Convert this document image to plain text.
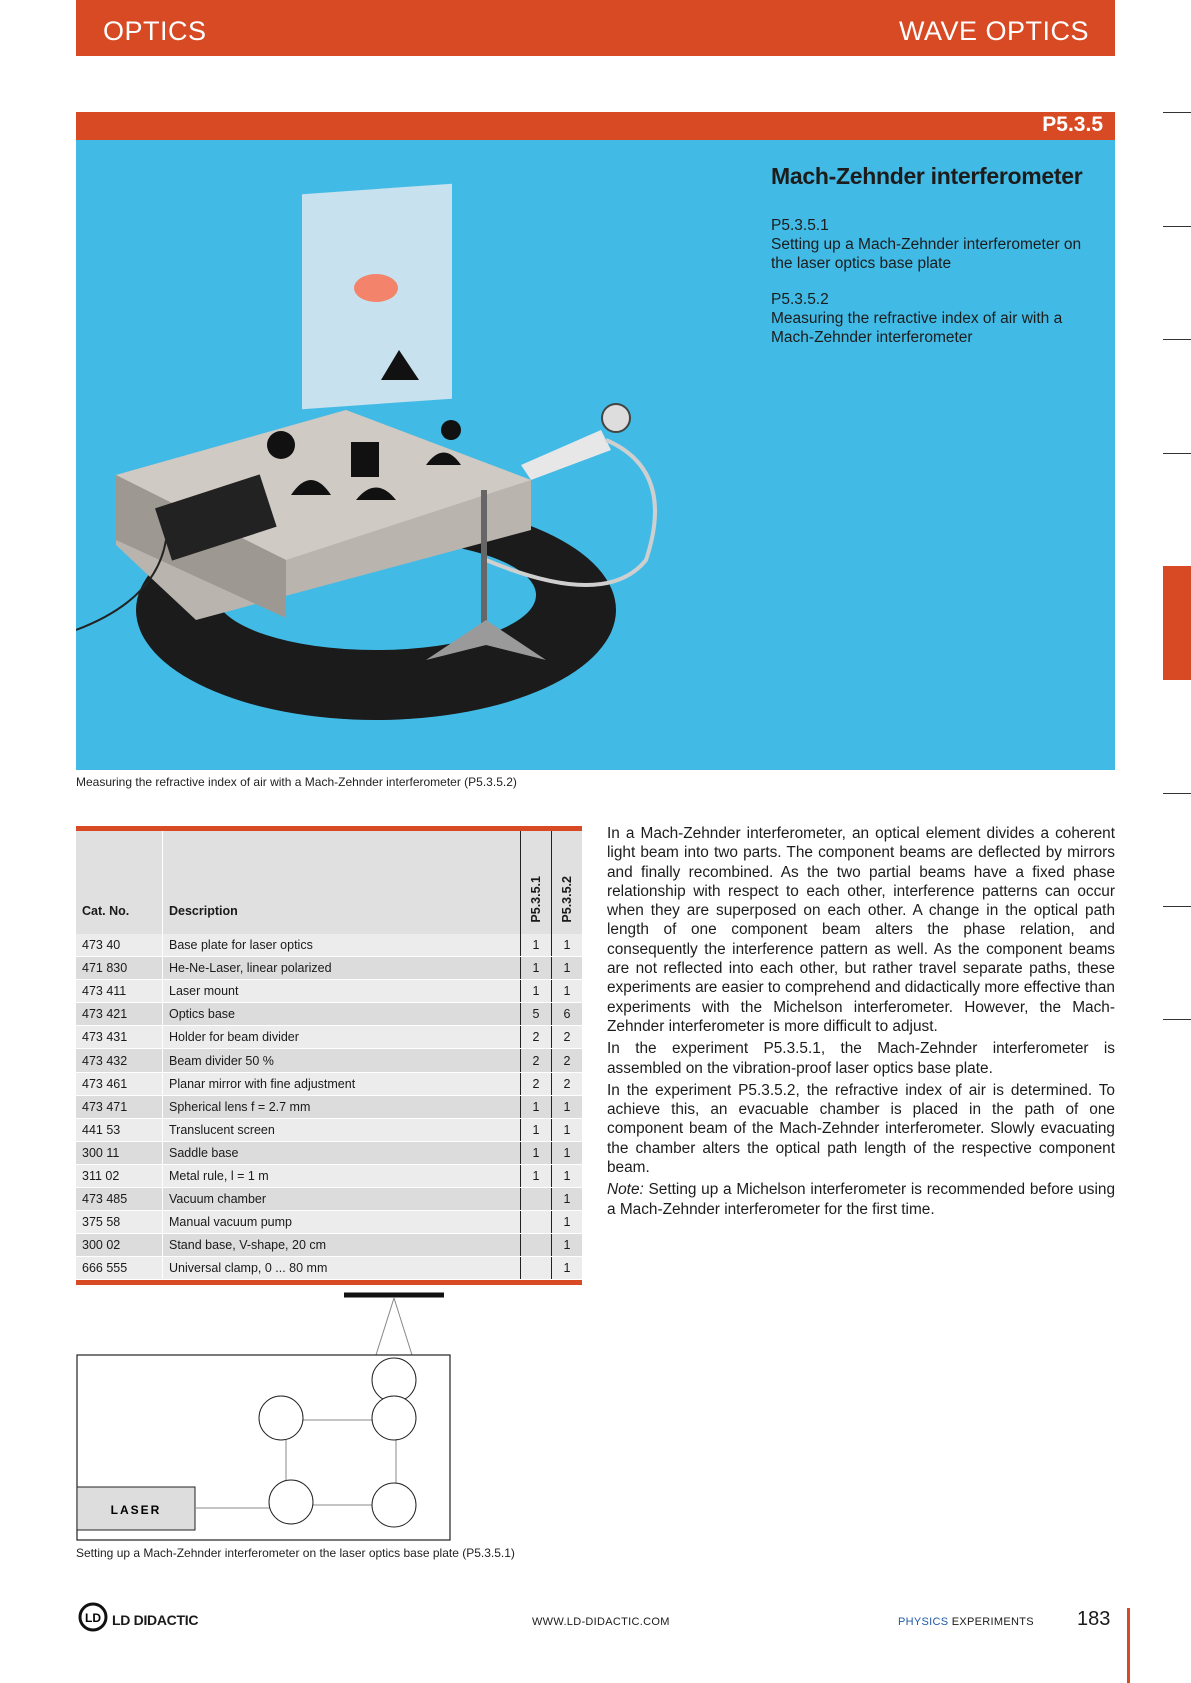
OPTICS	WAVE OPTICS
P5.3.5
Mach-Zehnder interferometer
P5.3.5.1
Setting up a Mach-Zehnder interferometer on the laser optics base plate
P5.3.5.2
Measuring the refractive index of air with a Mach-Zehnder interferometer
Measuring the refractive index of air with a Mach-Zehnder interferometer (P5.3.5.2)
Cat. No.	Description	P5.3.5.1	P5.3.5.2
473 40	Base plate for laser optics	1	1
471 830	He-Ne-Laser, linear polarized	1	1
473 411	Laser mount	1	1
473 421	Optics base	5	6
473 431	Holder for beam divider	2	2
473 432	Beam divider 50 %	2	2
473 461	Planar mirror with fine adjustment	2	2
473 471	Spherical lens f = 2.7 mm	1	1
441 53	Translucent screen	1	1
300 11	Saddle base	1	1
311 02	Metal rule, l = 1 m	1	1
473 485	Vacuum chamber		1
375 58	Manual vacuum pump		1
300 02	Stand base, V-shape, 20 cm		1
666 555	Universal clamp, 0 ... 80 mm		1

In a Mach-Zehnder interferometer, an optical element divides a coherent light beam into two parts. The component beams are deflected by mirrors and finally recombined. As the two partial beams have a fixed phase relationship with respect to each other, interference patterns can occur when they are superposed on each other. A change in the optical path length of one component beam alters the phase relation, and consequently the interference pattern as well. As the component beams are not reflected into each other, but rather travel separate paths, these experiments are easier to comprehend and didactically more effective than experiments with the Michelson interferometer. However, the Mach-Zehnder interferometer is more difficult to adjust.

In the experiment P5.3.5.1, the Mach-Zehnder interferometer is assembled on the vibration-proof laser optics base plate.

In the experiment P5.3.5.2, the refractive index of air is determined. To achieve this, an evacuable chamber is placed in the path of one component beam of the Mach-Zehnder interferometer. Slowly evacuating the chamber alters the optical path length of the respective component beam.

Note: Setting up a Michelson interferometer is recommended before using a Mach-Zehnder interferometer for the first time.

LASER
Setting up a Mach-Zehnder interferometer on the laser optics base plate (P5.3.5.1)
LD LD DIDACTIC	WWW.LD-DIDACTIC.COM	PHYSICS EXPERIMENTS 183
